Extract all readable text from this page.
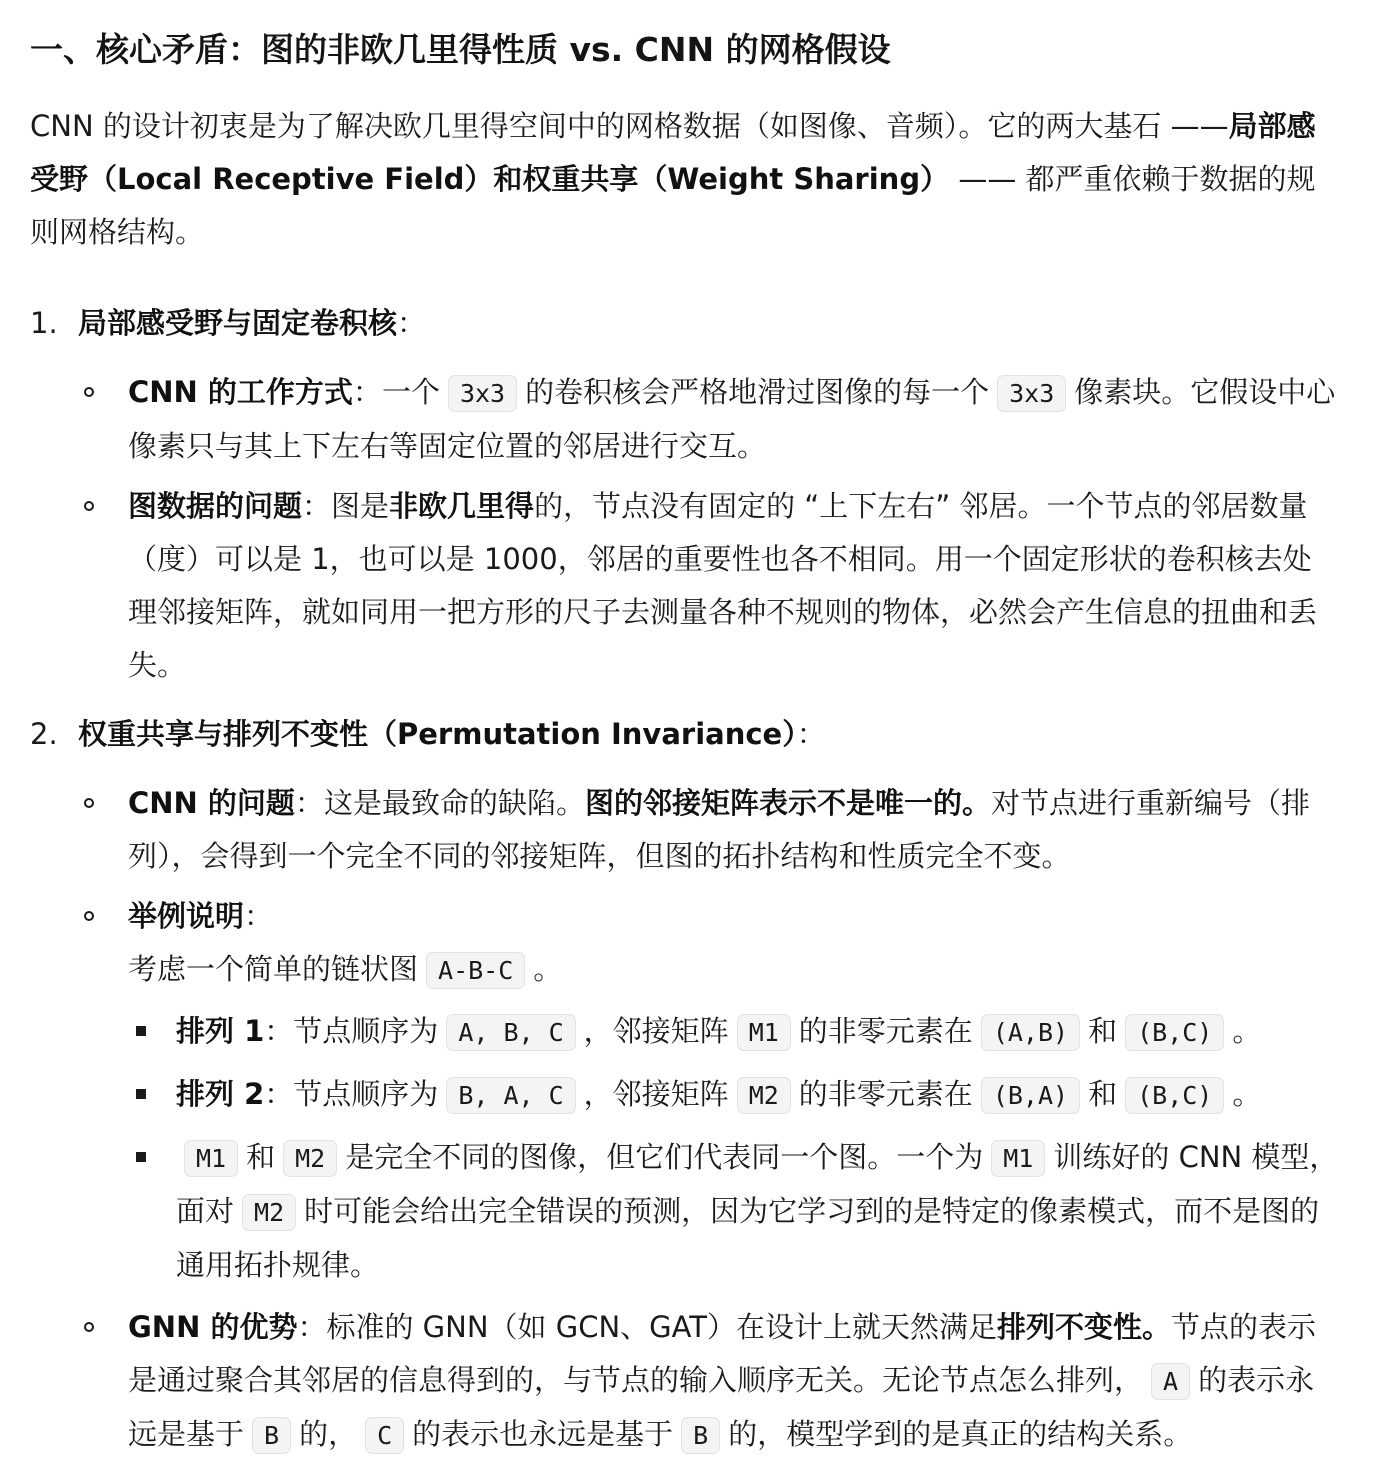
一、核心矛盾：图的非欧几里得性质 vs. CNN 的网格假设

CNN 的设计初衷是为了解决欧几里得空间中的网格数据（如图像、音频）。它的两大基石 ——局部感受野（Local Receptive Field）和权重共享（Weight Sharing） —— 都严重依赖于数据的规则网格结构。

1. 局部感受野与固定卷积核：

CNN 的工作方式：一个 3x3 的卷积核会严格地滑过图像的每一个 3x3 像素块。它假设中心像素只与其上下左右等固定位置的邻居进行交互。

图数据的问题：图是非欧几里得的，节点没有固定的 “上下左右” 邻居。一个节点的邻居数量（度）可以是 1，也可以是 1000，邻居的重要性也各不相同。用一个固定形状的卷积核去处理邻接矩阵，就如同用一把方形的尺子去测量各种不规则的物体，必然会产生信息的扭曲和丢失。

2. 权重共享与排列不变性（Permutation Invariance）：

CNN 的问题：这是最致命的缺陷。图的邻接矩阵表示不是唯一的。对节点进行重新编号（排列），会得到一个完全不同的邻接矩阵，但图的拓扑结构和性质完全不变。

举例说明：

考虑一个简单的链状图 A-B-C 。

排列 1：节点顺序为 A, B, C ，邻接矩阵 M1 的非零元素在 (A,B) 和 (B,C) 。

排列 2：节点顺序为 B, A, C ，邻接矩阵 M2 的非零元素在 (B,A) 和 (B,C) 。

M1 和 M2 是完全不同的图像，但它们代表同一个图。一个为 M1 训练好的 CNN 模型，面对 M2 时可能会给出完全错误的预测，因为它学习到的是特定的像素模式，而不是图的通用拓扑规律。

GNN 的优势：标准的 GNN（如 GCN、GAT）在设计上就天然满足排列不变性。节点的表示是通过聚合其邻居的信息得到的，与节点的输入顺序无关。无论节点怎么排列， A 的表示永远是基于 B 的， C 的表示也永远是基于 B 的，模型学到的是真正的结构关系。
